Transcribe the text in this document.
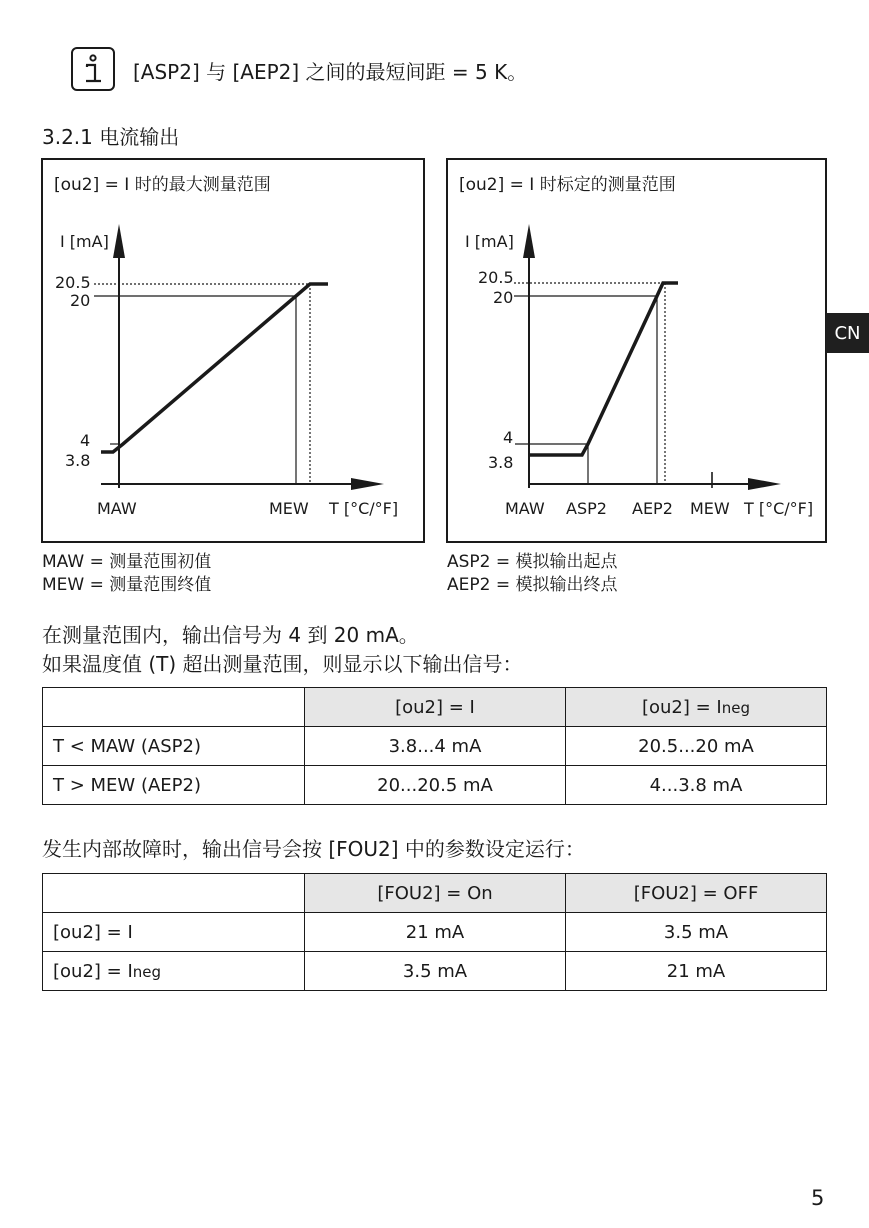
[ASP2] 与 [AEP2] 之间的最短间距 = 5 K。
3.2.1 电流输出
[ou2] = I 时的最大测量范围
I [mA]
20.5
20
4
3.8
MAW	MEW T [°C/°F]
[ou2] = I 时标定的测量范围
I [mA]
20.5
20
4
3.8
MAW ASP2 AEP2 MEW T [°C/°F]
CN
MAW = 测量范围初值
MEW = 测量范围终值
ASP2 = 模拟输出起点
AEP2 = 模拟输出终点
在测量范围内，输出信号为 4 到 20 mA。
如果温度值 (T) 超出测量范围，则显示以下输出信号：
	[ou2] = I	[ou2] = Ineg
T < MAW (ASP2)	3.8...4 mA	20.5...20 mA
T > MEW (AEP2)	20...20.5 mA	4...3.8 mA
发生内部故障时，输出信号会按 [FOU2] 中的参数设定运行：
	[FOU2] = On	[FOU2] = OFF
[ou2] = I	21 mA	3.5 mA
[ou2] = Ineg	3.5 mA	21 mA
5
